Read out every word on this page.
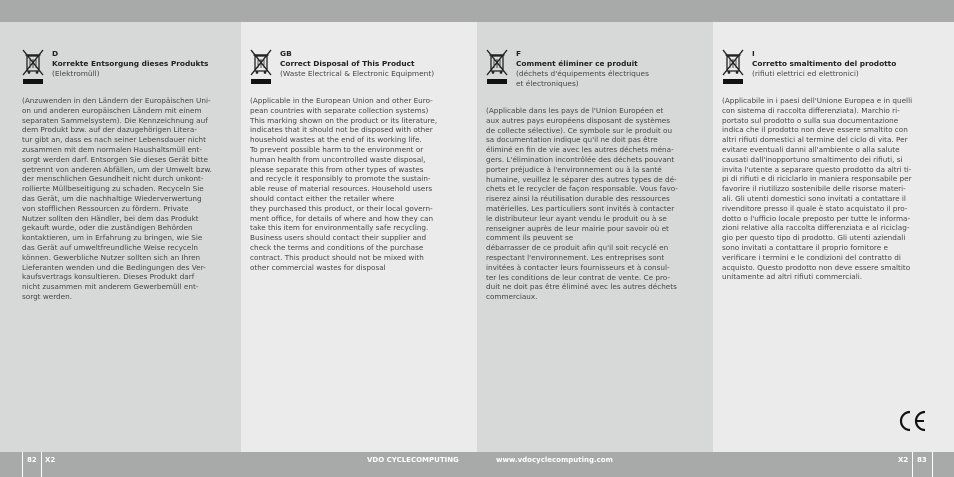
D
Korrekte Entsorgung dieses Produkts
(Elektromüll)
(Anzuwenden in den Ländern der Europäischen Uni-
on und anderen europäischen Ländern mit einem
separaten Sammelsystem). Die Kennzeichnung auf
dem Produkt bzw. auf der dazugehörigen Litera-
tur gibt an, dass es nach seiner Lebensdauer nicht
zusammen mit dem normalen Haushaltsmüll ent-
sorgt werden darf. Entsorgen Sie dieses Gerät bitte
getrennt von anderen Abfällen, um der Umwelt bzw.
der menschlichen Gesundheit nicht durch unkont-
rollierte Müllbeseitigung zu schaden. Recyceln Sie
das Gerät, um die nachhaltige Wiederverwertung
von stofflichen Ressourcen zu fördern. Private
Nutzer sollten den Händler, bei dem das Produkt
gekauft wurde, oder die zuständigen Behörden
kontaktieren, um in Erfahrung zu bringen, wie Sie
das Gerät auf umweltfreundliche Weise recyceln
können. Gewerbliche Nutzer sollten sich an Ihren
Lieferanten wenden und die Bedingungen des Ver-
kaufsvertrags konsultieren. Dieses Produkt darf
nicht zusammen mit anderem Gewerbemüll ent-
sorgt werden.
GB
Correct Disposal of This Product
(Waste Electrical & Electronic Equipment)
(Applicable in the European Union and other Euro-
pean countries with separate collection systems)
This marking shown on the product or its literature,
indicates that it should not be disposed with other
household wastes at the end of its working life.
To prevent possible harm to the environment or
human health from uncontrolled waste disposal,
please separate this from other types of wastes
and recycle it responsibly to promote the sustain-
able reuse of material resources. Household users
should contact either the retailer where
they purchased this product, or their local govern-
ment office, for details of where and how they can
take this item for environmentally safe recycling.
Business users should contact their supplier and
check the terms and conditions of the purchase
contract. This product should not be mixed with
other commercial wastes for disposal
F
Comment éliminer ce produit
(déchets d'équipements électriques
et électroniques)
(Applicable dans les pays de l'Union Européen et
aux autres pays européens disposant de systèmes
de collecte sélective). Ce symbole sur le produit ou
sa documentation indique qu'il ne doit pas être
éliminé en fin de vie avec les autres déchets ména-
gers. L'élimination incontrôlée des déchets pouvant
porter préjudice à l'environnement ou à la santé
humaine, veuillez le séparer des autres types de dé-
chets et le recycler de façon responsable. Vous favo-
riserez ainsi la réutilisation durable des ressources
matérielles. Les particuliers sont invités à contacter
le distributeur leur ayant vendu le produit ou à se
renseigner auprès de leur mairie pour savoir où et
comment ils peuvent se
débarrasser de ce produit afin qu'il soit recyclé en
respectant l'environnement. Les entreprises sont
invitées à contacter leurs fournisseurs et à consul-
ter les conditions de leur contrat de vente. Ce pro-
duit ne doit pas être éliminé avec les autres déchets
commerciaux.
I
Corretto smaltimento del prodotto
(rifiuti elettrici ed elettronici)
(Applicabile in i paesi dell'Unione Europea e in quelli
con sistema di raccolta differenziata). Marchio ri-
portato sul prodotto o sulla sua documentazione
indica che il prodotto non deve essere smaltito con
altri rifiuti domestici al termine del ciclo di vita. Per
evitare eventuali danni all'ambiente o alla salute
causati dall'inopportuno smaltimento dei rifiuti, si
invita l'utente a separare questo prodotto da altri ti-
pi di rifiuti e di riciclarlo in maniera responsabile per
favorire il riutilizzo sostenibile delle risorse materi-
ali. Gli utenti domestici sono invitati a contattare il
rivenditore presso il quale è stato acquistato il pro-
dotto o l'ufficio locale preposto per tutte le informa-
zioni relative alla raccolta differenziata e al riciclag-
gio per questo tipo di prodotto. Gli utenti aziendali
sono invitati a contattare il proprio fornitore e
verificare i termini e le condizioni del contratto di
acquisto. Questo prodotto non deve essere smaltito
unitamente ad altri rifiuti commerciali.
82 X2	VDO CYCLECOMPUTING	www.vdocyclecomputing.com	X2 83
